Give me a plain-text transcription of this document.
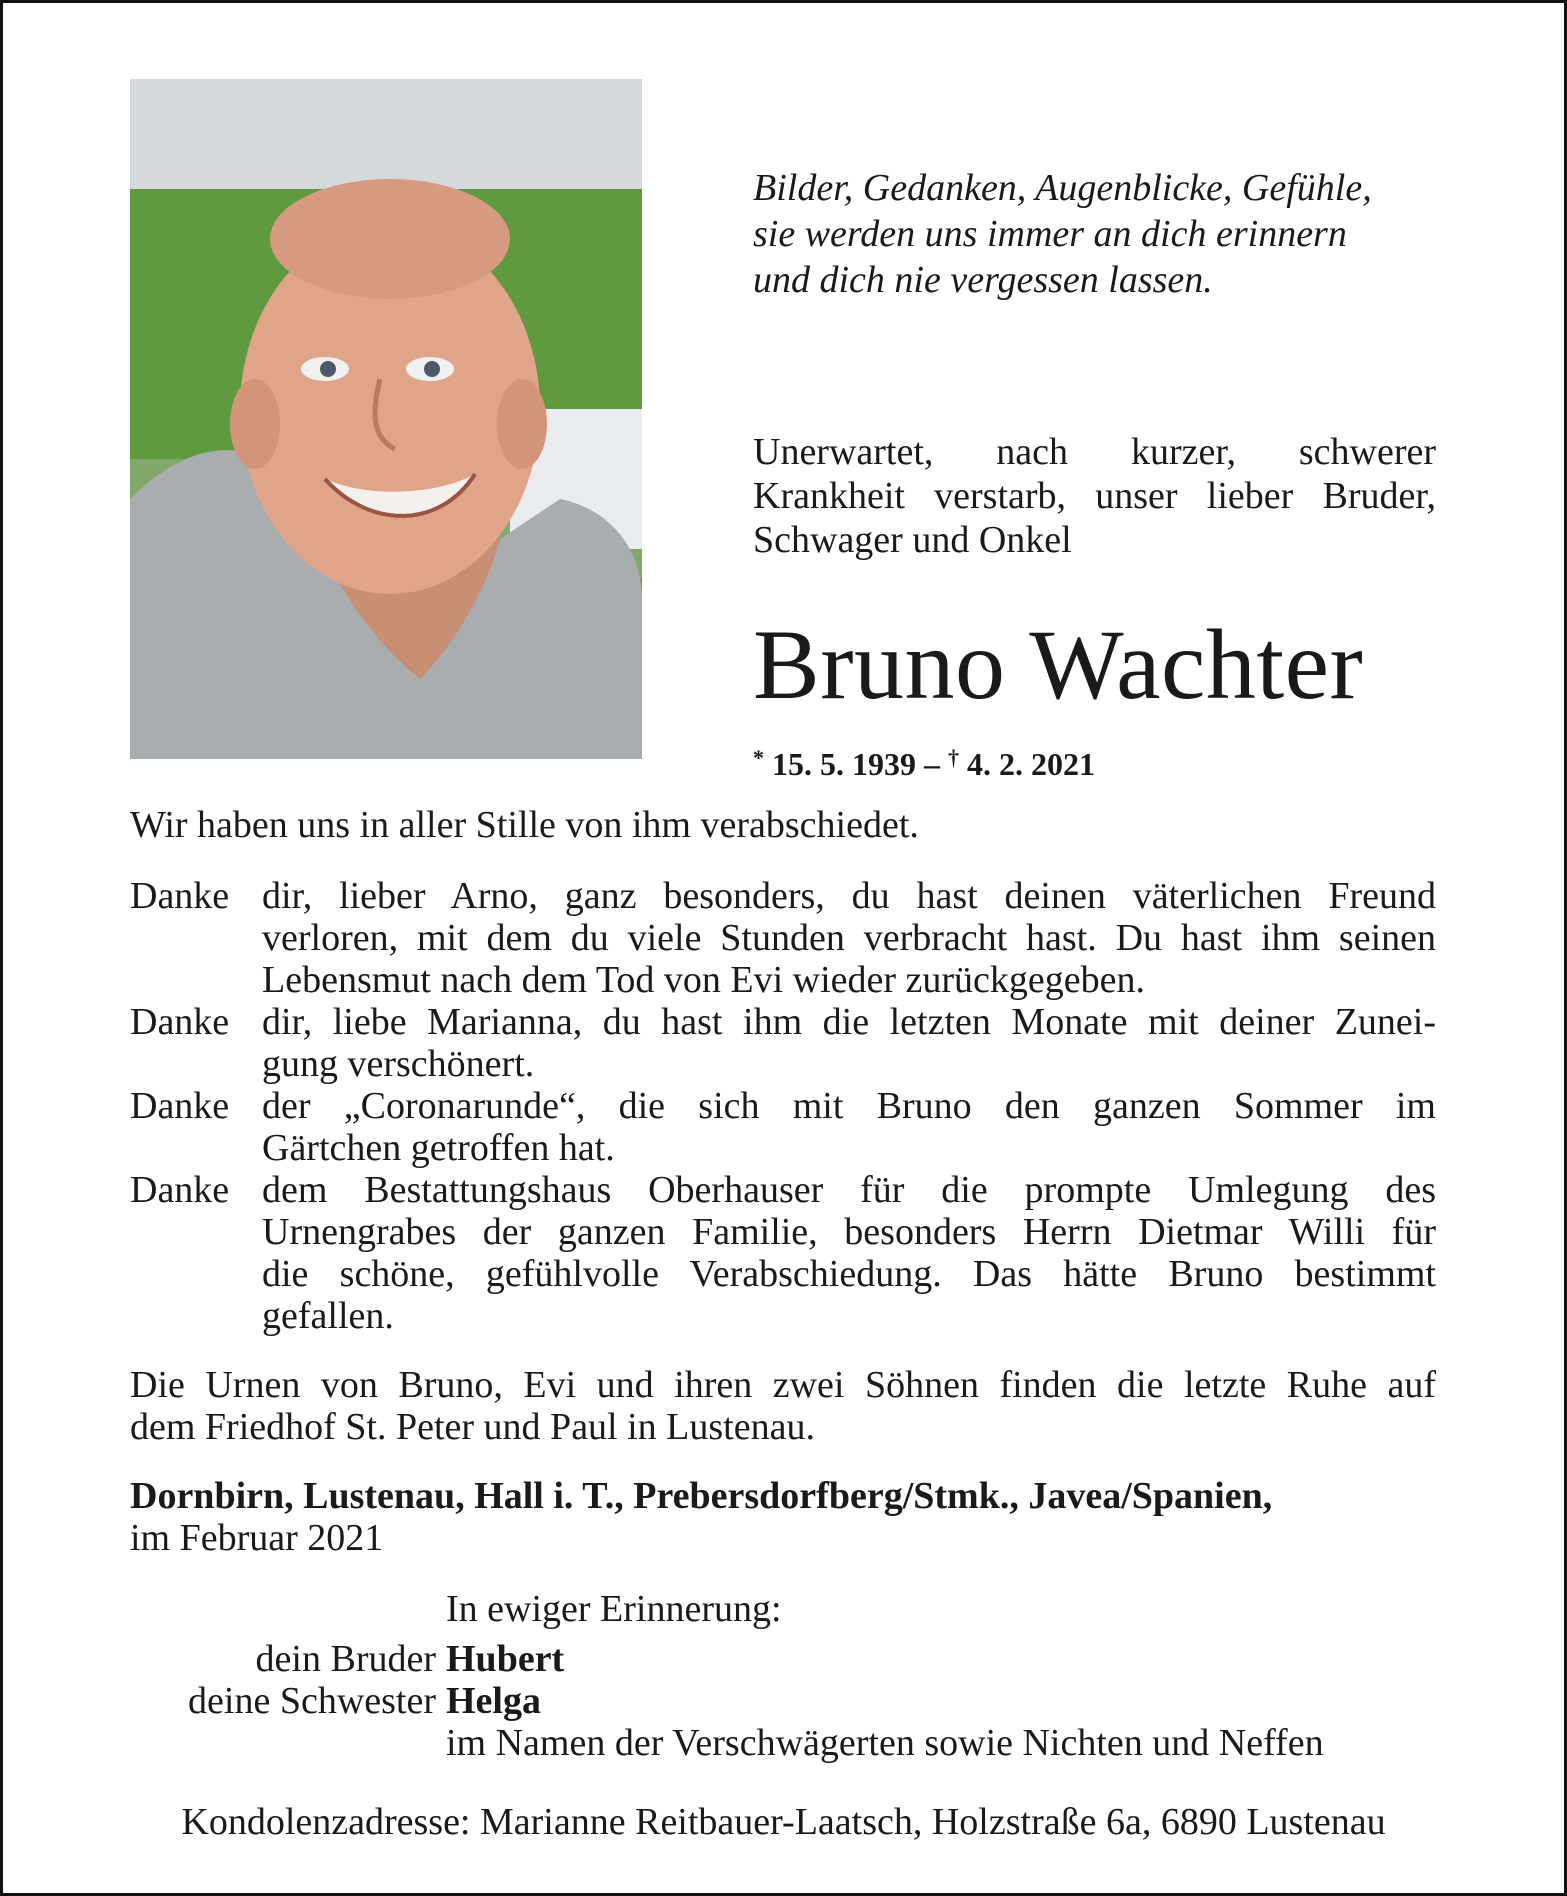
Bilder, Gedanken, Augenblicke, Gefühle,
sie werden uns immer an dich erinnern
und dich nie vergessen lassen.
Unerwartet, nach kurzer, schwerer
Krankheit verstarb, unser lieber Bruder,
Schwager und Onkel
Bruno Wachter
* 15. 5. 1939 – † 4. 2. 2021
Wir haben uns in aller Stille von ihm verabschiedet.
Danke dir, lieber Arno, ganz besonders, du hast deinen väterlichen Freund
verloren, mit dem du viele Stunden verbracht hast. Du hast ihm seinen
Lebensmut nach dem Tod von Evi wieder zurückgegeben.
Danke dir, liebe Marianna, du hast ihm die letzten Monate mit deiner Zunei-
gung verschönert.
Danke der „Coronarunde“, die sich mit Bruno den ganzen Sommer im
Gärtchen getroffen hat.
Danke dem Bestattungshaus Oberhauser für die prompte Umlegung des
Urnengrabes der ganzen Familie, besonders Herrn Dietmar Willi für
die schöne, gefühlvolle Verabschiedung. Das hätte Bruno bestimmt
gefallen.
Die Urnen von Bruno, Evi und ihren zwei Söhnen finden die letzte Ruhe auf
dem Friedhof St. Peter und Paul in Lustenau.
Dornbirn, Lustenau, Hall i. T., Prebersdorfberg/Stmk., Javea/Spanien,
im Februar 2021
In ewiger Erinnerung:
dein Bruder Hubert
deine Schwester Helga
im Namen der Verschwägerten sowie Nichten und Neffen
Kondolenzadresse: Marianne Reitbauer-Laatsch, Holzstraße 6a, 6890 Lustenau
